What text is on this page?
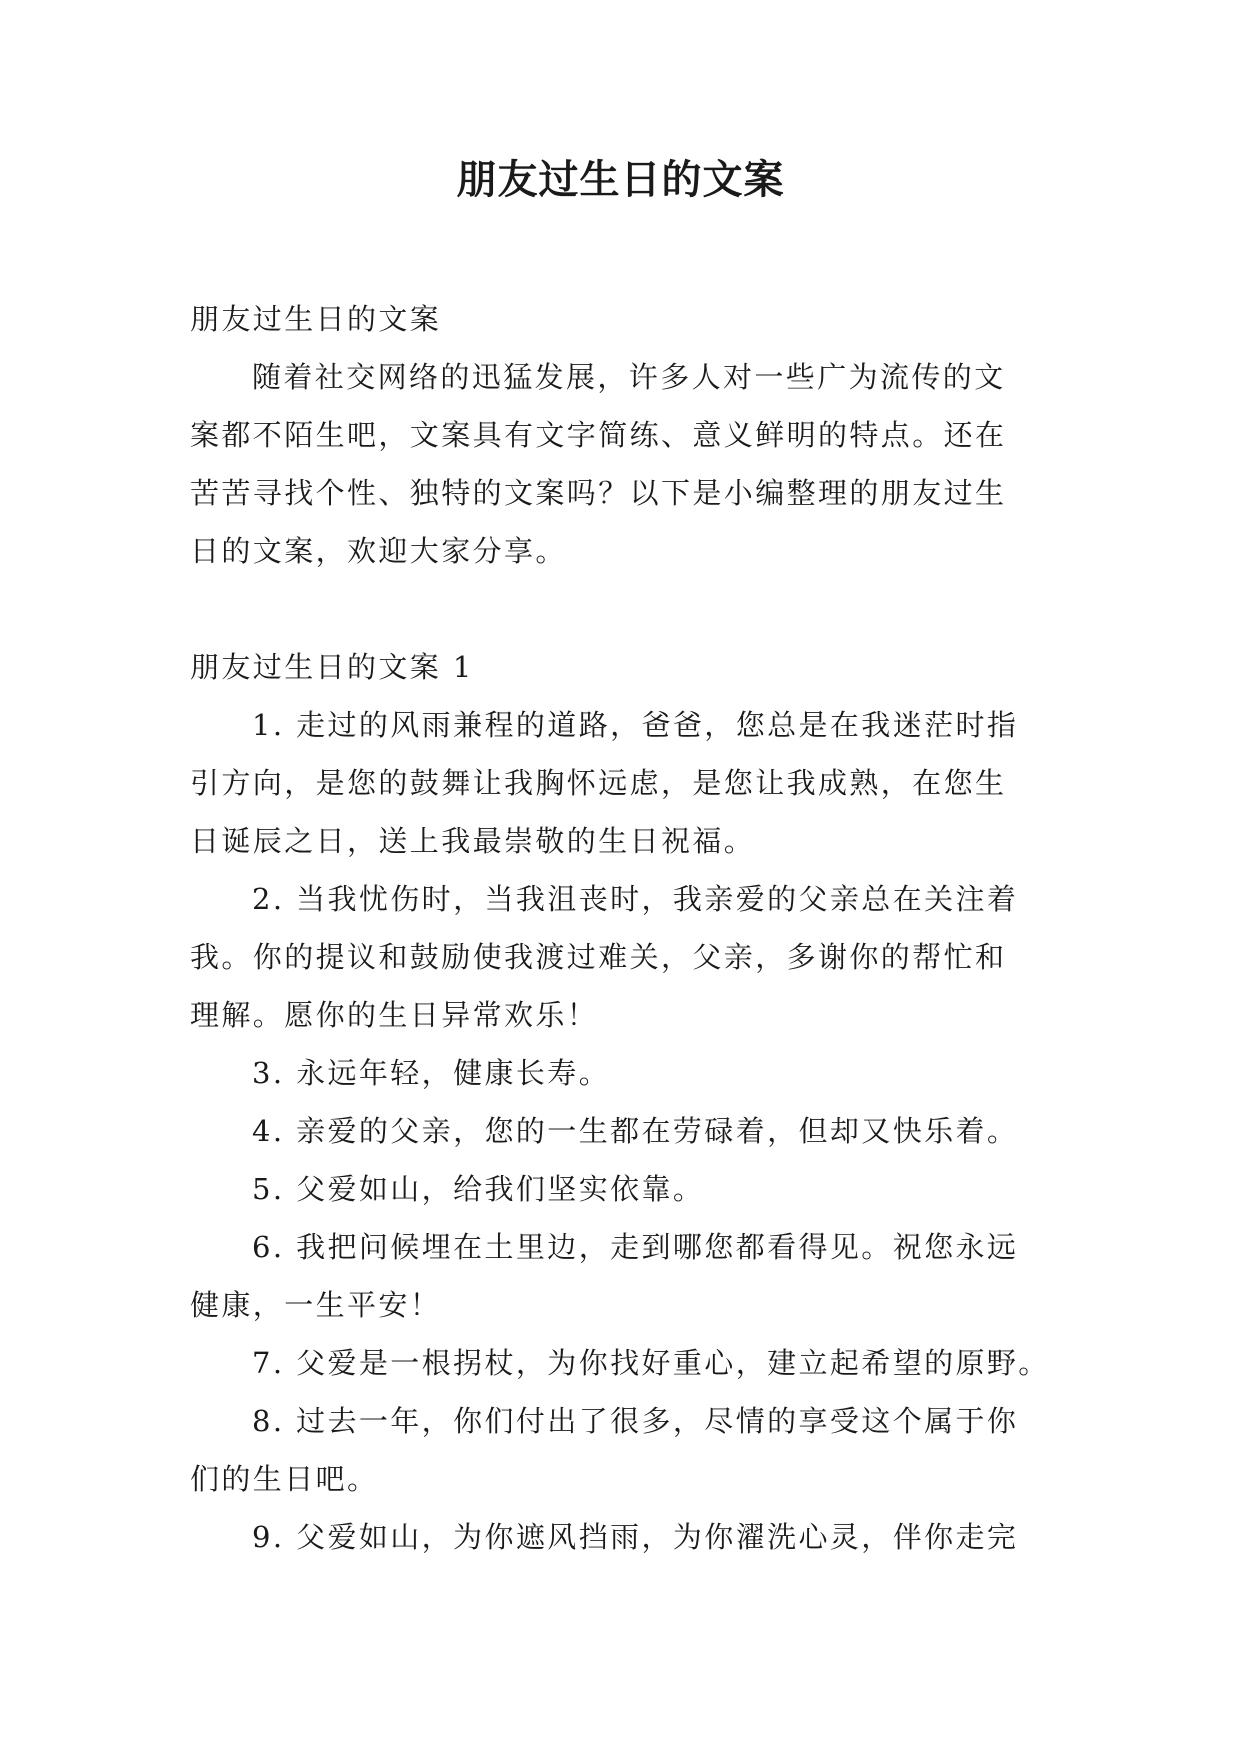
朋友过生日的文案
朋友过生日的文案
随着社交网络的迅猛发展，许多人对一些广为流传的文
案都不陌生吧，文案具有文字简练、意义鲜明的特点。还在
苦苦寻找个性、独特的文案吗？以下是小编整理的朋友过生
日的文案，欢迎大家分享。
朋友过生日的文案 1
1. 走过的风雨兼程的道路，爸爸，您总是在我迷茫时指
引方向，是您的鼓舞让我胸怀远虑，是您让我成熟，在您生
日诞辰之日，送上我最崇敬的生日祝福。
2. 当我忧伤时，当我沮丧时，我亲爱的父亲总在关注着
我。你的提议和鼓励使我渡过难关，父亲，多谢你的帮忙和
理解。愿你的生日异常欢乐！
3. 永远年轻，健康长寿。
4. 亲爱的父亲，您的一生都在劳碌着，但却又快乐着。
5. 父爱如山，给我们坚实依靠。
6. 我把问候埋在土里边，走到哪您都看得见。祝您永远
健康，一生平安！
7. 父爱是一根拐杖，为你找好重心，建立起希望的原野。
8. 过去一年，你们付出了很多，尽情的享受这个属于你
们的生日吧。
9. 父爱如山，为你遮风挡雨，为你濯洗心灵，伴你走完
